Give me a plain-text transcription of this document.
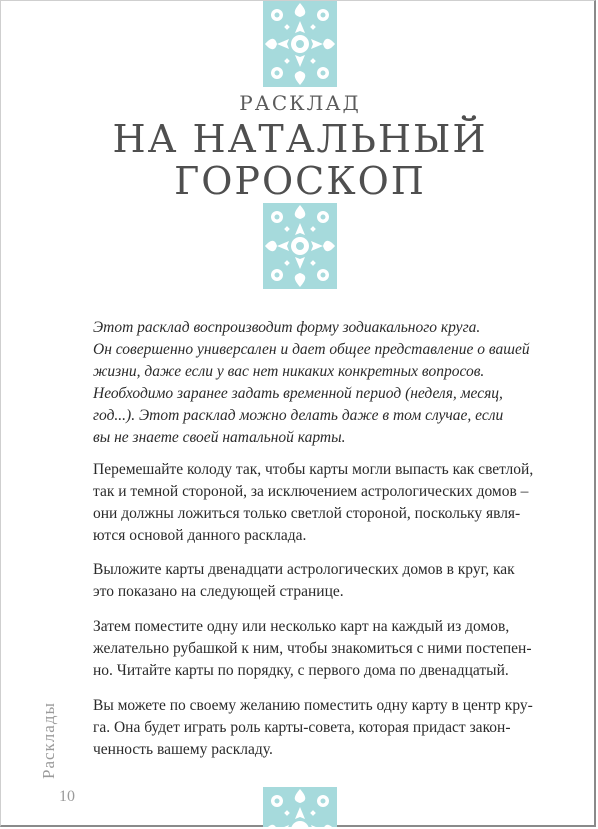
РАСКЛАД
НА НАТАЛЬНЫЙ
ГОРОСКОП
Этот расклад воспроизводит форму зодиакального круга.
Он совершенно универсален и дает общее представление о вашей
жизни, даже если у вас нет никаких конкретных вопросов.
Необходимо заранее задать временной период (неделя, месяц,
год...). Этот расклад можно делать даже в том случае, если
вы не знаете своей натальной карты.
Перемешайте колоду так, чтобы карты могли выпасть как светлой,
так и темной стороной, за исключением астрологических домов –
они должны ложиться только светлой стороной, поскольку явля-
ются основой данного расклада.
Выложите карты двенадцати астрологических домов в круг, как
это показано на следующей странице.
Затем поместите одну или несколько карт на каждый из домов,
желательно рубашкой к ним, чтобы знакомиться с ними постепен-
но. Читайте карты по порядку, с первого дома по двенадцатый.
Вы можете по своему желанию поместить одну карту в центр кру-
га. Она будет играть роль карты-совета, которая придаст закон-
ченность вашему раскладу.
Расклады
10
